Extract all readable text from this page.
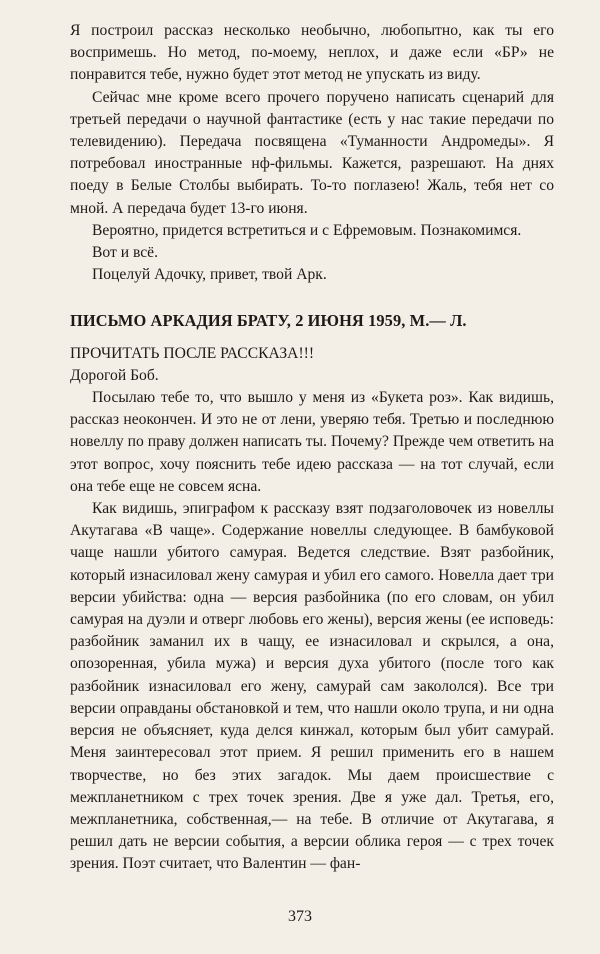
Я построил рассказ несколько необычно, любопытно, как ты его воспримешь. Но метод, по-моему, неплох, и даже если «БР» не понравится тебе, нужно будет этот метод не упускать из виду.

Сейчас мне кроме всего прочего поручено написать сценарий для третьей передачи о научной фантастике (есть у нас такие передачи по телевидению). Передача посвящена «Туманности Андромеды». Я потребовал иностранные нф-фильмы. Кажется, разрешают. На днях поеду в Белые Столбы выбирать. То-то поглазею! Жаль, тебя нет со мной. А передача будет 13-го июня.

Вероятно, придется встретиться и с Ефремовым. Познакомимся.

Вот и всё.

Поцелуй Адочку, привет, твой Арк.

ПИСЬМО АРКАДИЯ БРАТУ, 2 ИЮНЯ 1959, М.— Л.

ПРОЧИТАТЬ ПОСЛЕ РАССКАЗА!!!

Дорогой Боб.

Посылаю тебе то, что вышло у меня из «Букета роз». Как видишь, рассказ неокончен. И это не от лени, уверяю тебя. Третью и последнюю новеллу по праву должен написать ты. Почему? Прежде чем ответить на этот вопрос, хочу пояснить тебе идею рассказа — на тот случай, если она тебе еще не совсем ясна.

Как видишь, эпиграфом к рассказу взят подзаголовочек из новеллы Акутагава «В чаще». Содержание новеллы следующее. В бамбуковой чаще нашли убитого самурая. Ведется следствие. Взят разбойник, который изнасиловал жену самурая и убил его самого. Новелла дает три версии убийства: одна — версия разбойника (по его словам, он убил самурая на дуэли и отверг любовь его жены), версия жены (ее исповедь: разбойник заманил их в чащу, ее изнасиловал и скрылся, а она, опозоренная, убила мужа) и версия духа убитого (после того как разбойник изнасиловал его жену, самурай сам закололся). Все три версии оправданы обстановкой и тем, что нашли около трупа, и ни одна версия не объясняет, куда делся кинжал, которым был убит самурай. Меня заинтересовал этот прием. Я решил применить его в нашем творчестве, но без этих загадок. Мы даем происшествие с межпланетником с трех точек зрения. Две я уже дал. Третья, его, межпланетника, собственная,— на тебе. В отличие от Акутагава, я решил дать не версии события, а версии облика героя — с трех точек зрения. Поэт считает, что Валентин — фан-

373
